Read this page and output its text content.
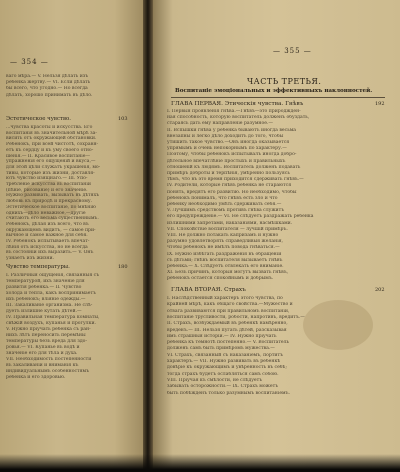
— 354 —
ваго мѣра.— V. Нельзя дѣлать изъ
ребенка жертву.— VI. Если дѣлать
бы всего, что угодно.— Но всегда
дѣлать, хорошо принимать въ дѣло.
Эстетическое чувство.	103
...чувства красоты и искусства. Его
воспитанія въ значительной мѣрѣ за-
висить отъ окружающей обстановки.
Ребенокъ, при всей чистотѣ, сохраня-
етъ къ сердцу и къ уму своего отно-
шенія.— II. Красивое воспитаніе—
упражненія его ощущеній и вкуса,—
для этой цѣли служатъ украшенія, мо-
тивы, которые изъ жизни, доставля-
ютъ чувство изящнаго.— III. Упо-
требленіе искусства въ воспитаніи
(пѣніе, рисованіе) и его значеніе.
Нужно развивать, вызывать въ дѣтяхъ
любовь къ природѣ и прекрасному.
Эстетическое воспитаніе, по мнѣнію
однихъ—дѣло неважное,—другіе
считаютъ его весьма существеннымъ.
Ребенокъ, дѣлая изъ всего, что въ
окружающемъ видитъ, — самое при-
вычное и самое важное для себя.
IV. Ребенокъ испытываетъ впечат-
лѣнія отъ искусства, но не всегда
въ состояніи ихъ выразить.— V. Онъ
узнаетъ изъ жизни.
Чувство температуры.	180
I. Различныя ощущенія, связанныя съ
температурой, ихъ значеніе для
развитія ребенка.— II. Чувство
холода и тепла, какъ воспринимаетъ
ихъ ребенокъ; вліяніе одежды.—
III. Закаливаніе организма. Не слѣ-
дуетъ излишне кутать дѣтей.—
IV. Правильная температура комнаты,
свѣжій воздухъ, купанья и прогулки.
V. Нужно пріучать ребенка съ ран-
нихъ лѣтъ переносить перемѣны
температуры безъ вреда для здо-
ровья.— VI. Купанье въ водѣ и
значеніе его для тѣла и духа.
VII. Необходимость постепенности
въ закаливаніи и вниманія къ
индивидуальнымъ особенностямъ
ребенка и его здоровью.
— 355 —
ЧАСТЬ ТРЕТЬЯ.
Воспитаніе эмоціональных и эффективныхъ наклонностей.
ГЛАВА ПЕРВАЯ. Этическія чувства. Гнѣвъ	192
I. Первыя проявленія гнѣва.—Гнѣвъ—это природжден-
ная способность, которую воспитатель долженъ обуздать,
стараясь дать ему направленіе разумное.—
II. Вспышки гнѣва у ребенка бываютъ иногда весьма
внезапны и легко дѣло доходитъ до того, чтобы
утишить такое чувство.—Онъ иногда оказывается
упрямымъ и очень непокорнымъ по характеру.—
Поэтому, чтобы ребенокъ испытывалъ иногда добро-
дѣтельное впечатлѣніе простыхъ и правильныхъ
отношеній къ людямъ. Воспитатель долженъ подавать
примѣръ доброты и терпѣнія, умѣренно пользуясь
тѣмъ, что въ это время приходится сдерживать гнѣвъ.—
IV. Родители, которые гнѣвъ ребенка не стараются
понять, вредятъ его развитію. Но необходимо, чтобы
ребенокъ понималъ, что гнѣвъ есть зло и что
ребенку необходимо умѣть сдерживать себя.—
V. Лучшимъ средствомъ противъ гнѣва служитъ
его предупрежденіе.— VI. Не слѣдуетъ раздражать ребенка
излишними запретами, наказаніями, насмѣшками.
VII. Спокойствіе воспитателя — лучшій примѣръ.
VIII. Не должно потакать капризамъ и нужно
разумно удовлетворять справедливыя желанія,
чтобы ребенокъ не имѣлъ повода гнѣваться.—
IX. Нужно избѣгать раздраженія въ обращеніи
съ дѣтьми; гнѣвъ воспитателя вызываетъ гнѣвъ
ребенка.— X. Слѣдуетъ отвлекать его вниманіе.
XI. Безъ причинъ, которыя могутъ вызвать гнѣвъ,
ребенокъ остается спокойнымъ и добрымъ.
ГЛАВА ВТОРАЯ. Страхъ	202
I. Наслѣдственный характеръ этого чувства, по
крайней мѣрѣ, какъ общаго свойства.—Мужество и
отвага развиваются при правильномъ воспитаніи,
воспитаніе трусливости, робости, напротивъ, вредитъ.—
II. Страхъ, возбуждаемый въ ребенкѣ намѣренно,
вреденъ.— III. Нельзя пугать дѣтей, разсказывая
имъ страшныя исторіи.— IV. Нужно пріучать
ребенка къ темнотѣ постепенно.— V. Воспитатель
долженъ самъ быть примѣромъ мужества.—
VI. Страхъ, связанный съ наказаніемъ, портитъ
характеръ.— VII. Нужно развивать въ ребенкѣ
довѣріе къ окружающимъ и увѣренность въ себѣ;
тогда страхъ будетъ ослабляться самъ собою.
VIII. Пріучая къ смѣлости, не слѣдуетъ
забывать осторожности.— IX. Страхъ можетъ
быть побѣжденъ только разумнымъ воспитаніемъ.
